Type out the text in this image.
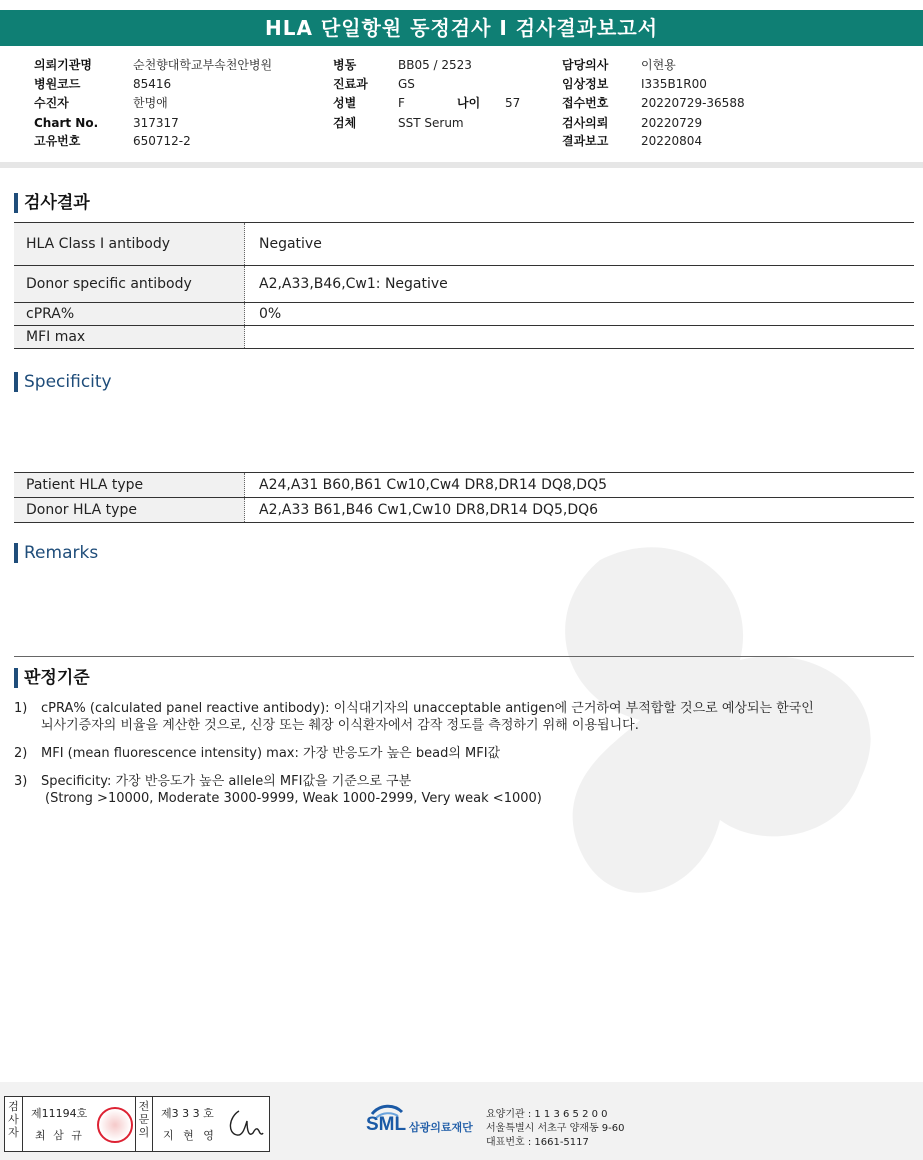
HLA 단일항원 동정검사 I 검사결과보고서
의뢰기관명	순천향대학교부속천안병원	병동	BB05 / 2523	담당의사	이현용
병원코드	85416	진료과	GS	임상정보	I335B1R00
수진자	한명애	성별	F	나이 57	접수번호	20220729-36588
Chart No.	317317	검체	SST Serum	검사의뢰	20220729
고유번호	650712-2	결과보고	20220804
검사결과
HLA Class I antibody	Negative
Donor specific antibody	A2,A33,B46,Cw1: Negative
cPRA%	0%
MFI max
Specificity
Patient HLA type	A24,A31 B60,B61 Cw10,Cw4 DR8,DR14 DQ8,DQ5
Donor HLA type	A2,A33 B61,B46 Cw1,Cw10 DR8,DR14 DQ5,DQ6
Remarks
판정기준
1) cPRA% (calculated panel reactive antibody): 이식대기자의 unacceptable antigen에 근거하여 부적합할 것으로 예상되는 한국인
뇌사기증자의 비율을 계산한 것으로, 신장 또는 췌장 이식환자에서 감작 정도를 측정하기 위해 이용됩니다.
2) MFI (mean fluorescence intensity) max: 가장 반응도가 높은 bead의 MFI값
3) Specificity: 가장 반응도가 높은 allele의 MFI값을 기준으로 구분
(Strong >10000, Moderate 3000-9999, Weak 1000-2999, Very weak <1000)
검
사
자
제11194호
최 삼 규
전
문
의
제3 3 3 호
지 현 영
SML 삼광의료재단
요양기관 : 1 1 3 6 5 2 0 0
서울특별시 서초구 양재동 9-60
대표번호 : 1661-5117
